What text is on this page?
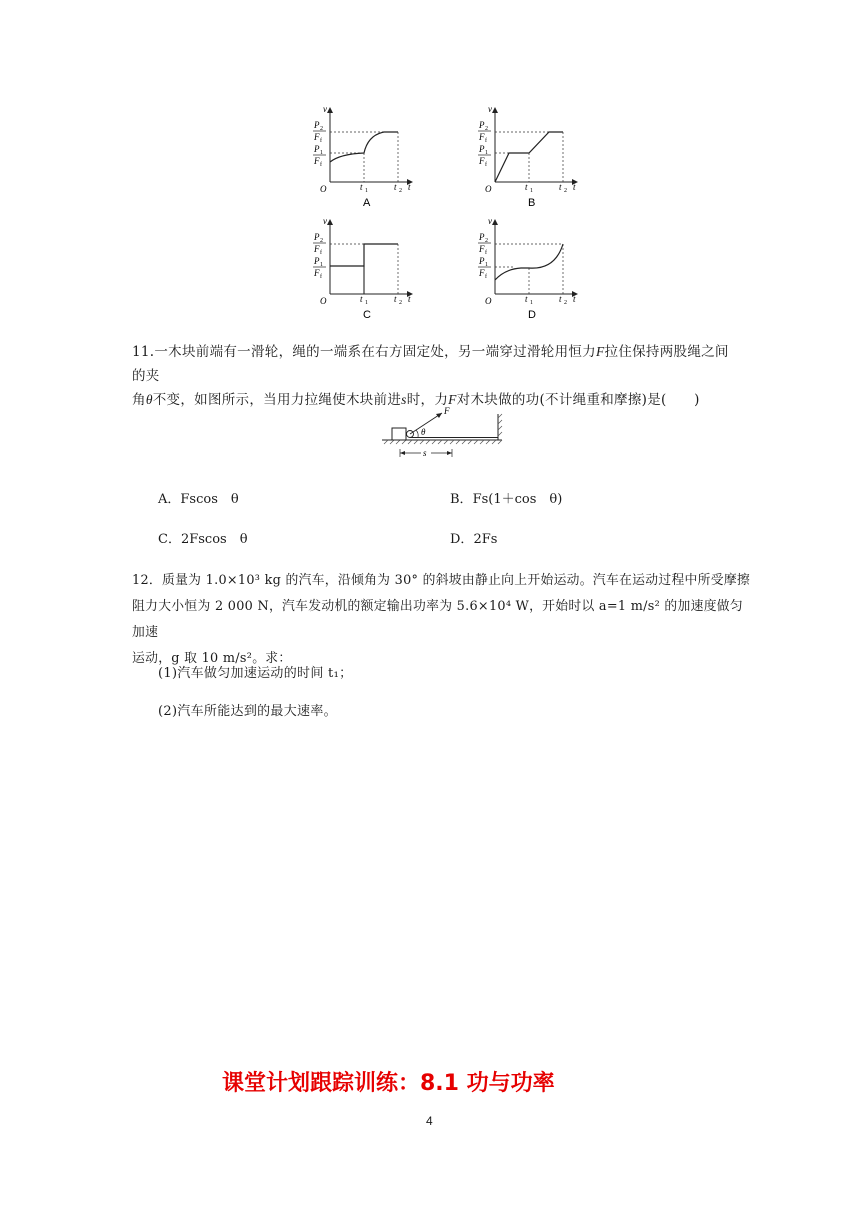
v
t
O
P 2
F f
P 1
F f
t 1	t 2
A
v
t
O
P 2
F f
P 1
F f
t 1	t 2
B
v
t
O
P 2
F f
P 1
F f
t 1	t 2
C
v
t
O
P 2
F f
P 1
F f
t 1	t 2
D
11.一木块前端有一滑轮，绳的一端系在右方固定处，另一端穿过滑轮用恒力F拉住保持两股绳之间的夹
角θ不变，如图所示，当用力拉绳使木块前进s时，力F对木块做的功(不计绳重和摩擦)是(　　)
F
θ
s
A．Fscos　θ	B．Fs(1＋cos　θ)
C．2Fscos　θ	D．2Fs
12．质量为 1.0×10³ kg 的汽车，沿倾角为 30° 的斜坡由静止向上开始运动。汽车在运动过程中所受摩擦
阻力大小恒为 2 000 N，汽车发动机的额定输出功率为 5.6×10⁴ W，开始时以 a=1 m/s² 的加速度做匀加速
运动，g 取 10 m/s²。求：
(1)汽车做匀加速运动的时间 t₁；
(2)汽车所能达到的最大速率。
课堂计划跟踪训练：8.1 功与功率
4
